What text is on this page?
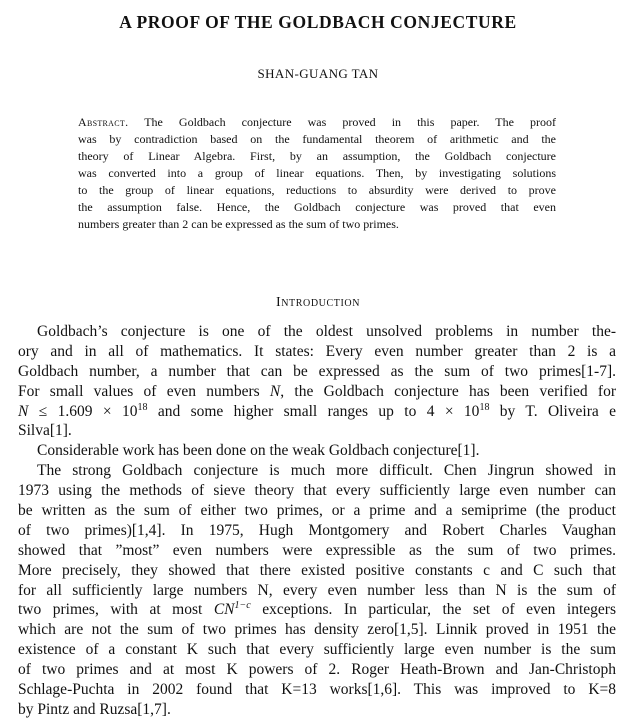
A PROOF OF THE GOLDBACH CONJECTURE
SHAN-GUANG TAN
Abstract. The Goldbach conjecture was proved in this paper. The proof
was by contradiction based on the fundamental theorem of arithmetic and the
theory of Linear Algebra. First, by an assumption, the Goldbach conjecture
was converted into a group of linear equations. Then, by investigating solutions
to the group of linear equations, reductions to absurdity were derived to prove
the assumption false. Hence, the Goldbach conjecture was proved that even
numbers greater than 2 can be expressed as the sum of two primes.
Introduction
Goldbach’s conjecture is one of the oldest unsolved problems in number the-
ory and in all of mathematics. It states: Every even number greater than 2 is a
Goldbach number, a number that can be expressed as the sum of two primes[1-7].
For small values of even numbers N, the Goldbach conjecture has been verified for
$N \le 1.609 \times 10^{18}$ and some higher small ranges up to $4 \times 10^{18}$ by T. Oliveira e
Silva[1].
Considerable work has been done on the weak Goldbach conjecture[1].
The strong Goldbach conjecture is much more difficult. Chen Jingrun showed in
1973 using the methods of sieve theory that every sufficiently large even number can
be written as the sum of either two primes, or a prime and a semiprime (the product
of two primes)[1,4]. In 1975, Hugh Montgomery and Robert Charles Vaughan
showed that ”most” even numbers were expressible as the sum of two primes.
More precisely, they showed that there existed positive constants c and C such that
for all sufficiently large numbers N, every even number less than N is the sum of
two primes, with at most $CN^{1-c}$ exceptions. In particular, the set of even integers
which are not the sum of two primes has density zero[1,5]. Linnik proved in 1951 the
existence of a constant K such that every sufficiently large even number is the sum
of two primes and at most K powers of 2. Roger Heath-Brown and Jan-Christoph
Schlage-Puchta in 2002 found that K=13 works[1,6]. This was improved to K=8
by Pintz and Ruzsa[1,7].
